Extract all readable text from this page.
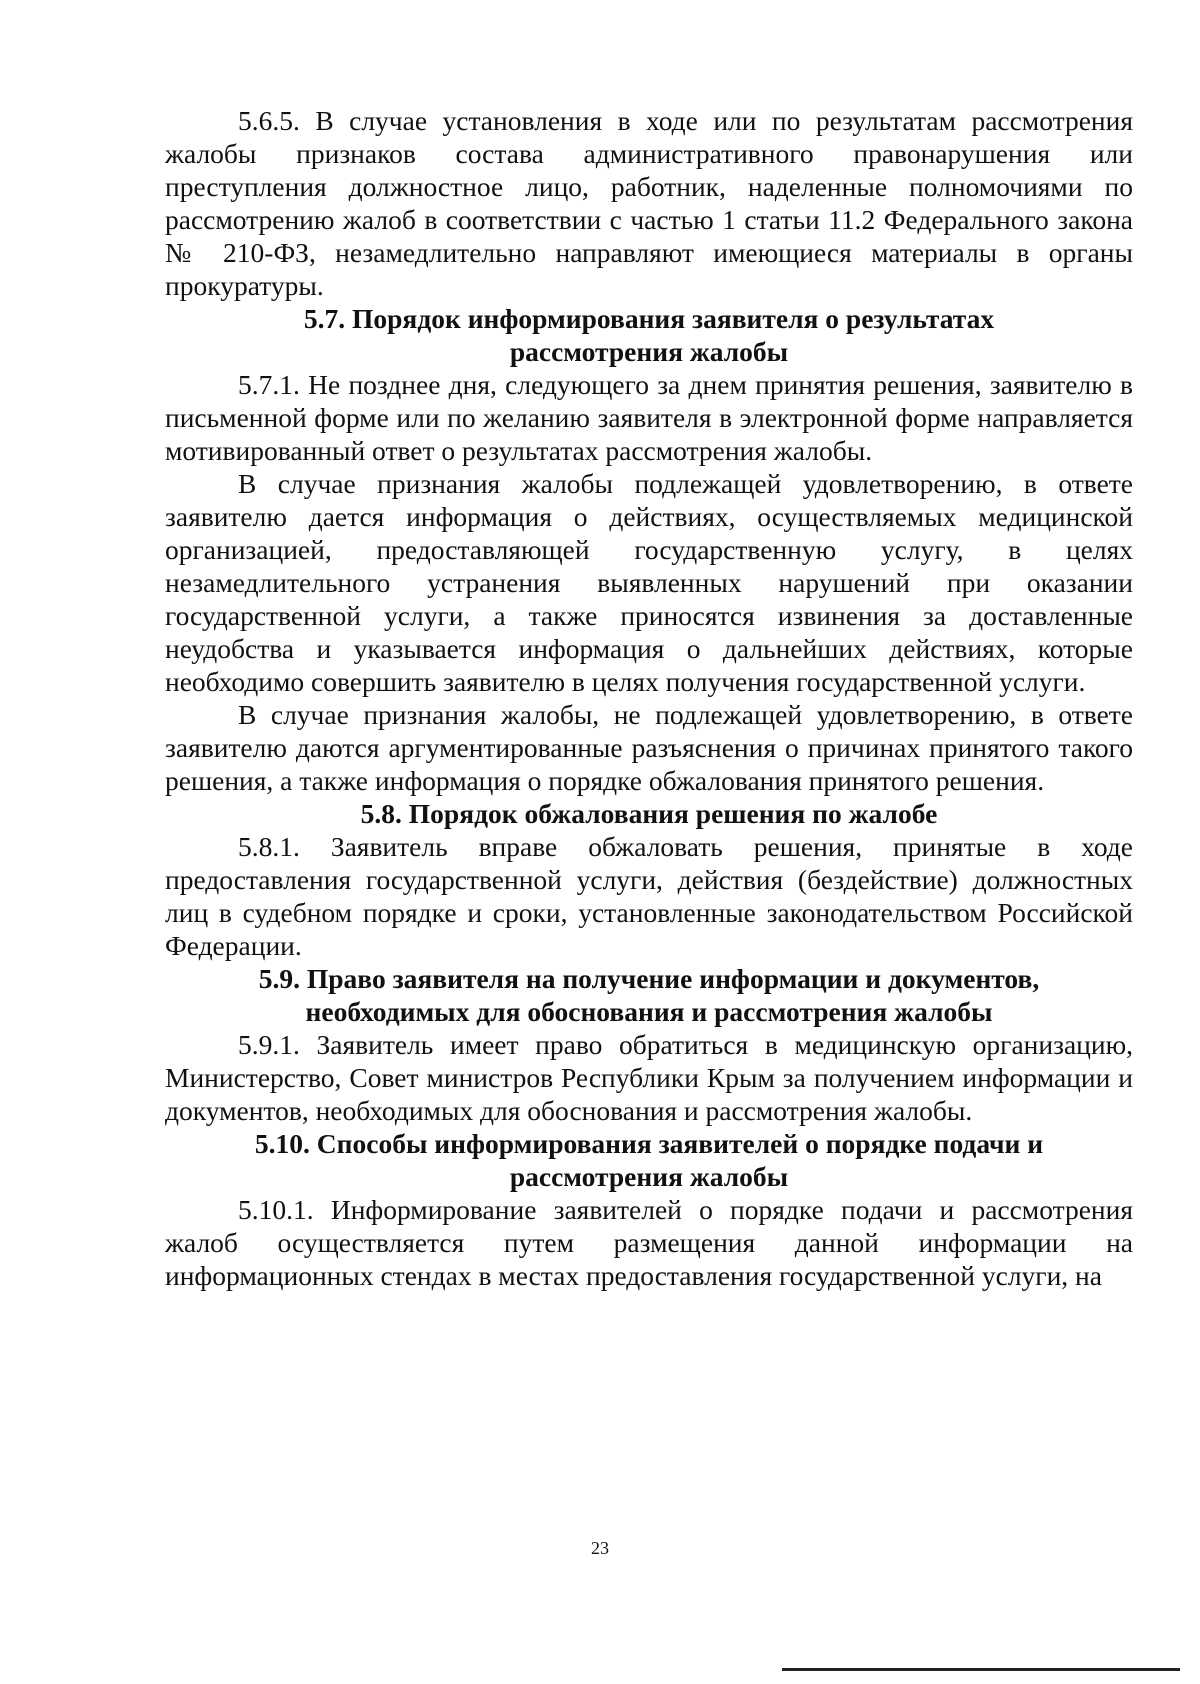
5.6.5. В случае установления в ходе или по результатам рассмотрения жалобы признаков состава административного правонарушения или преступления должностное лицо, работник, наделенные полномочиями по рассмотрению жалоб в соответствии с частью 1 статьи 11.2 Федерального закона № 210-ФЗ, незамедлительно направляют имеющиеся материалы в органы прокуратуры.

5.7. Порядок информирования заявителя о результатах
рассмотрения жалобы

5.7.1. Не позднее дня, следующего за днем принятия решения, заявителю в письменной форме или по желанию заявителя в электронной форме направляется мотивированный ответ о результатах рассмотрения жалобы.

В случае признания жалобы подлежащей удовлетворению, в ответе заявителю дается информация о действиях, осуществляемых медицинской организацией, предоставляющей государственную услугу, в целях незамедлительного устранения выявленных нарушений при оказании государственной услуги, а также приносятся извинения за доставленные неудобства и указывается информация о дальнейших действиях, которые необходимо совершить заявителю в целях получения государственной услуги.

В случае признания жалобы, не подлежащей удовлетворению, в ответе заявителю даются аргументированные разъяснения о причинах принятого такого решения, а также информация о порядке обжалования принятого решения.

5.8. Порядок обжалования решения по жалобе

5.8.1. Заявитель вправе обжаловать решения, принятые в ходе предоставления государственной услуги, действия (бездействие) должностных лиц в судебном порядке и сроки, установленные законодательством Российской Федерации.

5.9. Право заявителя на получение информации и документов,
необходимых для обоснования и рассмотрения жалобы

5.9.1. Заявитель имеет право обратиться в медицинскую организацию, Министерство, Совет министров Республики Крым за получением информации и документов, необходимых для обоснования и рассмотрения жалобы.

5.10. Способы информирования заявителей о порядке подачи и
рассмотрения жалобы

5.10.1. Информирование заявителей о порядке подачи и рассмотрения жалоб осуществляется путем размещения данной информации на информационных стендах в местах предоставления государственной услуги, на

23
